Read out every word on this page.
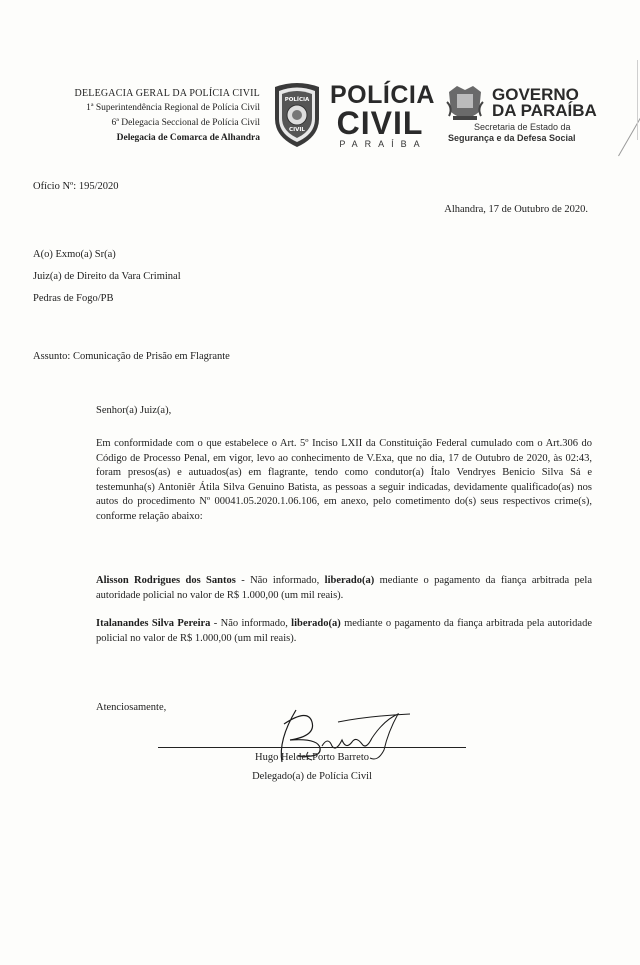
DELEGACIA GERAL DA POLÍCIA CIVIL
1ª Superintendência Regional de Polícia Civil
6ª Delegacia Seccional de Polícia Civil
Delegacia de Comarca de Alhandra
POLÍCIA
CIVIL
POLÍCIA
CIVIL
PARAÍBA
GOVERNO
DA PARAÍBA
Secretaria de Estado da
Segurança e da Defesa Social
Ofício Nº: 195/2020
Alhandra, 17 de Outubro de 2020.
A(o) Exmo(a) Sr(a)
Juiz(a) de Direito da Vara Criminal
Pedras de Fogo/PB
Assunto: Comunicação de Prisão em Flagrante
Senhor(a) Juiz(a),
Em conformidade com o que estabelece o Art. 5º Inciso LXII da Constituição Federal cumulado com o Art.306 do Código de Processo Penal, em vigor, levo ao conhecimento de V.Exa, que no dia, 17 de Outubro de 2020, às 02:43, foram presos(as) e autuados(as) em flagrante, tendo como condutor(a) Ítalo Vendryes Benicio Silva Sá e testemunha(s) Antoniêr Átila Silva Genuino Batista, as pessoas a seguir indicadas, devidamente qualificado(as) nos autos do procedimento Nº 00041.05.2020.1.06.106, em anexo, pelo cometimento do(s) seus respectivos crime(s), conforme relação abaixo:
Alisson Rodrigues dos Santos - Não informado, liberado(a) mediante o pagamento da fiança arbitrada pela autoridade policial no valor de R$ 1.000,00 (um mil reais).
Italanandes Silva Pereira - Não informado, liberado(a) mediante o pagamento da fiança arbitrada pela autoridade policial no valor de R$ 1.000,00 (um mil reais).
Atenciosamente,
Hugo Helder Porto Barreto
Delegado(a) de Polícia Civil
